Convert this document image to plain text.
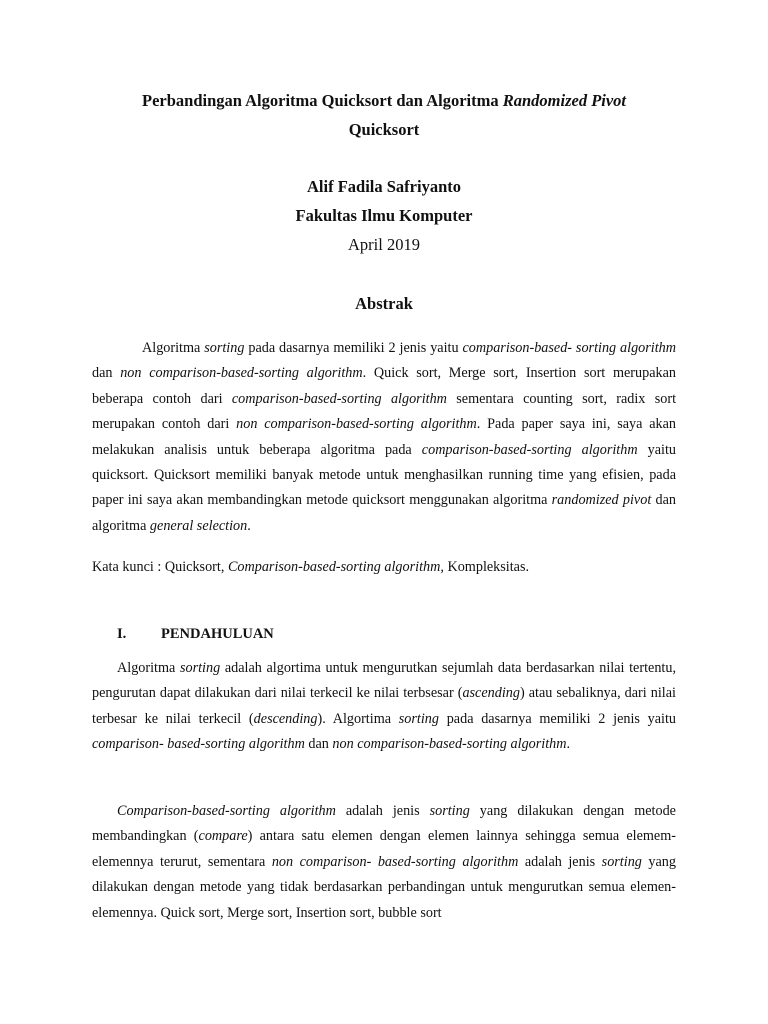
Perbandingan Algoritma Quicksort dan Algoritma Randomized Pivot
Quicksort
Alif Fadila Safriyanto
Fakultas Ilmu Komputer
April 2019
Abstrak

Algoritma sorting pada dasarnya memiliki 2 jenis yaitu comparison-based- sorting algorithm dan non comparison-based-sorting algorithm. Quick sort, Merge sort, Insertion sort merupakan beberapa contoh dari comparison-based-sorting algorithm sementara counting sort, radix sort merupakan contoh dari non comparison-based-sorting algorithm. Pada paper saya ini, saya akan melakukan analisis untuk beberapa algoritma pada comparison-based-sorting algorithm yaitu quicksort. Quicksort memiliki banyak metode untuk menghasilkan running time yang efisien, pada paper ini saya akan membandingkan metode quicksort menggunakan algoritma randomized pivot dan algoritma general selection.

Kata kunci : Quicksort, Comparison-based-sorting algorithm, Kompleksitas.
I. PENDAHULUAN

Algoritma sorting adalah algortima untuk mengurutkan sejumlah data berdasarkan nilai tertentu, pengurutan dapat dilakukan dari nilai terkecil ke nilai terbsesar (ascending) atau sebaliknya, dari nilai terbesar ke nilai terkecil (descending). Algortima sorting pada dasarnya memiliki 2 jenis yaitu comparison- based-sorting algorithm dan non comparison-based-sorting algorithm.

Comparison-based-sorting algorithm adalah jenis sorting yang dilakukan dengan metode membandingkan (compare) antara satu elemen dengan elemen lainnya sehingga semua elemem-elemennya terurut, sementara non comparison- based-sorting algorithm adalah jenis sorting yang dilakukan dengan metode yang tidak berdasarkan perbandingan untuk mengurutkan semua elemen-elemennya. Quick sort, Merge sort, Insertion sort, bubble sort
